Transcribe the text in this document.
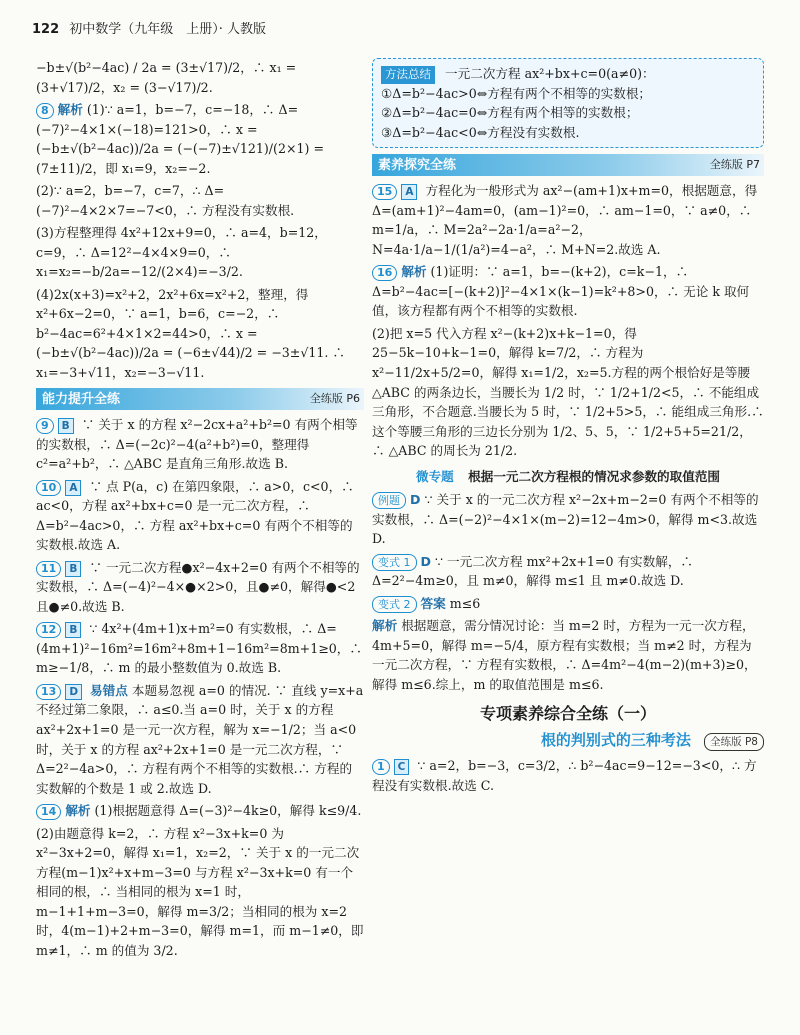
122 初中数学（九年级　上册）· 人教版

−b±√(b²−4ac) / 2a = (3±√17)/2，∴ x₁ = (3+√17)/2，x₂ = (3−√17)/2.

8 解析 (1)∵ a=1，b=−7，c=−18，∴ Δ=(−7)²−4×1×(−18)=121>0，∴ x = (−b±√(b²−4ac))/2a = (−(−7)±√121)/(2×1) = (7±11)/2，即 x₁=9，x₂=−2.

(2)∵ a=2，b=−7，c=7，∴ Δ=(−7)²−4×2×7=−7<0，∴ 方程没有实数根.

(3)方程整理得 4x²+12x+9=0，∴ a=4，b=12，c=9，∴ Δ=12²−4×4×9=0，∴ x₁=x₂=−b/2a=−12/(2×4)=−3/2.

(4)2x(x+3)=x²+2，2x²+6x=x²+2，整理，得 x²+6x−2=0，∵ a=1，b=6，c=−2，∴ b²−4ac=6²+4×1×2=44>0，∴ x = (−b±√(b²−4ac))/2a = (−6±√44)/2 = −3±√11. ∴ x₁=−3+√11，x₂=−3−√11.

能力提升全练	全练版 P6

9 B ∵ 关于 x 的方程 x²−2cx+a²+b²=0 有两个相等的实数根，∴ Δ=(−2c)²−4(a²+b²)=0，整理得 c²=a²+b²，∴ △ABC 是直角三角形.故选 B.

10 A ∵ 点 P(a，c) 在第四象限，∴ a>0，c<0，∴ ac<0，方程 ax²+bx+c=0 是一元二次方程，∴ Δ=b²−4ac>0，∴ 方程 ax²+bx+c=0 有两个不相等的实数根.故选 A.

11 B ∵ 一元二次方程●x²−4x+2=0 有两个不相等的实数根，∴ Δ=(−4)²−4×●×2>0，且●≠0，解得●<2 且●≠0.故选 B.

12 B ∵ 4x²+(4m+1)x+m²=0 有实数根，∴ Δ=(4m+1)²−16m²=16m²+8m+1−16m²=8m+1≥0，∴ m≥−1/8，∴ m 的最小整数值为 0.故选 B.

13 D 易错点 本题易忽视 a=0 的情况. ∵ 直线 y=x+a 不经过第二象限，∴ a≤0.当 a=0 时，关于 x 的方程 ax²+2x+1=0 是一元一次方程，解为 x=−1/2；当 a<0 时，关于 x 的方程 ax²+2x+1=0 是一元二次方程，∵ Δ=2²−4a>0，∴ 方程有两个不相等的实数根.∴ 方程的实数解的个数是 1 或 2.故选 D.

14 解析 (1)根据题意得 Δ=(−3)²−4k≥0，解得 k≤9/4.

(2)由题意得 k=2，∴ 方程 x²−3x+k=0 为 x²−3x+2=0，解得 x₁=1，x₂=2，∵ 关于 x 的一元二次方程(m−1)x²+x+m−3=0 与方程 x²−3x+k=0 有一个相同的根，∴ 当相同的根为 x=1 时，m−1+1+m−3=0，解得 m=3/2；当相同的根为 x=2 时，4(m−1)+2+m−3=0，解得 m=1，而 m−1≠0，即 m≠1，∴ m 的值为 3/2.

方法总结 一元二次方程 ax²+bx+c=0(a≠0)：
①Δ=b²−4ac>0⇔方程有两个不相等的实数根；
②Δ=b²−4ac=0⇔方程有两个相等的实数根；
③Δ=b²−4ac<0⇔方程没有实数根.
素养探究全练	全练版 P7

15 A 方程化为一般形式为 ax²−(am+1)x+m=0，根据题意，得 Δ=(am+1)²−4am=0，(am−1)²=0，∴ am−1=0，∵ a≠0，∴ m=1/a，∴ M=2a²−2a·1/a=a²−2，N=4a·1/a−1/(1/a²)=4−a²，∴ M+N=2.故选 A.

16 解析 (1)证明：∵ a=1，b=−(k+2)，c=k−1，∴ Δ=b²−4ac=[−(k+2)]²−4×1×(k−1)=k²+8>0，∴ 无论 k 取何值，该方程都有两个不相等的实数根.

(2)把 x=5 代入方程 x²−(k+2)x+k−1=0，得 25−5k−10+k−1=0，解得 k=7/2，∴ 方程为 x²−11/2x+5/2=0，解得 x₁=1/2，x₂=5.方程的两个根恰好是等腰△ABC 的两条边长，当腰长为 1/2 时，∵ 1/2+1/2<5，∴ 不能组成三角形，不合题意.当腰长为 5 时，∵ 1/2+5>5，∴ 能组成三角形.∴ 这个等腰三角形的三边长分别为 1/2、5、5，∵ 1/2+5+5=21/2，∴ △ABC 的周长为 21/2.

微专题 根据一元二次方程根的情况求参数的取值范围

例题 D ∵ 关于 x 的一元二次方程 x²−2x+m−2=0 有两个不相等的实数根，∴ Δ=(−2)²−4×1×(m−2)=12−4m>0，解得 m<3.故选 D.

变式 1 D ∵ 一元二次方程 mx²+2x+1=0 有实数解，∴ Δ=2²−4m≥0，且 m≠0，解得 m≤1 且 m≠0.故选 D.

变式 2 答案 m≤6

解析 根据题意，需分情况讨论：当 m=2 时，方程为一元一次方程，4m+5=0，解得 m=−5/4，原方程有实数根；当 m≠2 时，方程为一元二次方程，∵ 方程有实数根，∴ Δ=4m²−4(m−2)(m+3)≥0，解得 m≤6.综上，m 的取值范围是 m≤6.

专项素养综合全练（一）
根的判别式的三种考法 全练版 P8

1 C ∵ a=2，b=−3，c=3/2，∴ b²−4ac=9−12=−3<0，∴ 方程没有实数根.故选 C.
